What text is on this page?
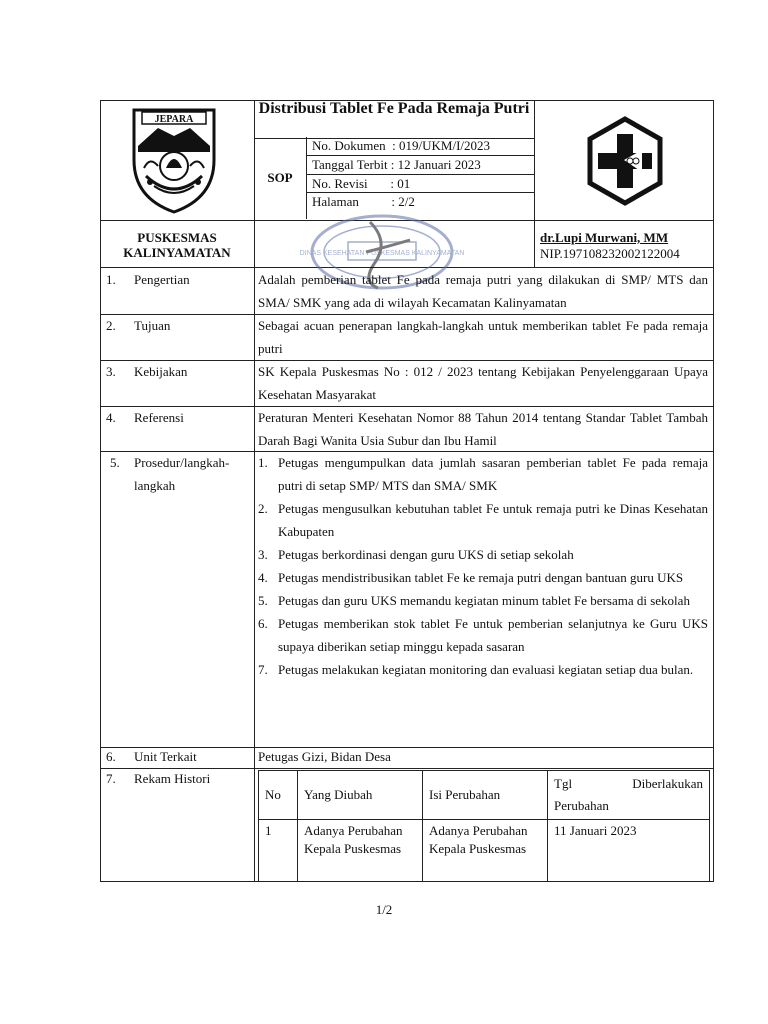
JEPARA
Distribusi Tablet Fe Pada Remaja Putri
SOP
No. Dokumen  : 019/UKM/I/2023
Tanggal Terbit : 12 Januari 2023
No. Revisi       : 01
Halaman          : 2/2
PUSKESMAS
KALINYAMATAN	DINAS KESEHATAN PUSKESMAS KALINYAMATAN
dr.Lupi Murwani, MM
NIP.197108232002122004
1. Pengertian	Adalah pemberian tablet Fe pada remaja putri yang dilakukan di SMP/ MTS dan SMA/ SMK yang ada di wilayah Kecamatan Kalinyamatan
2. Tujuan	Sebagai acuan penerapan langkah-langkah untuk memberikan tablet Fe pada remaja putri
3. Kebijakan	SK Kepala Puskesmas No : 012 / 2023 tentang Kebijakan Penyelenggaraan Upaya Kesehatan Masyarakat
4. Referensi	Peraturan Menteri Kesehatan Nomor 88 Tahun 2014 tentang Standar Tablet Tambah Darah Bagi Wanita Usia Subur dan Ibu Hamil
5. Prosedur/langkah-
langkah
1. Petugas mengumpulkan data jumlah sasaran pemberian tablet Fe pada remaja putri di setap SMP/ MTS dan SMA/ SMK
2. Petugas mengusulkan kebutuhan tablet Fe untuk remaja putri ke Dinas Kesehatan Kabupaten
3. Petugas berkordinasi dengan guru UKS di setiap sekolah
4. Petugas mendistribusikan tablet Fe ke remaja putri dengan bantuan guru UKS
5. Petugas dan guru UKS memandu kegiatan minum tablet Fe bersama di sekolah
6. Petugas memberikan stok tablet Fe untuk pemberian selanjutnya ke Guru UKS supaya diberikan setiap minggu kepada sasaran
7. Petugas melakukan kegiatan monitoring dan evaluasi kegiatan setiap dua bulan.
6. Unit Terkait	Petugas Gizi, Bidan Desa
7. Rekam Histori
No	Yang Diubah	Isi Perubahan	Tgl Diberlakukan Perubahan
1	Adanya Perubahan Kepala Puskesmas	Adanya Perubahan Kepala Puskesmas	11 Januari 2023
1/2
